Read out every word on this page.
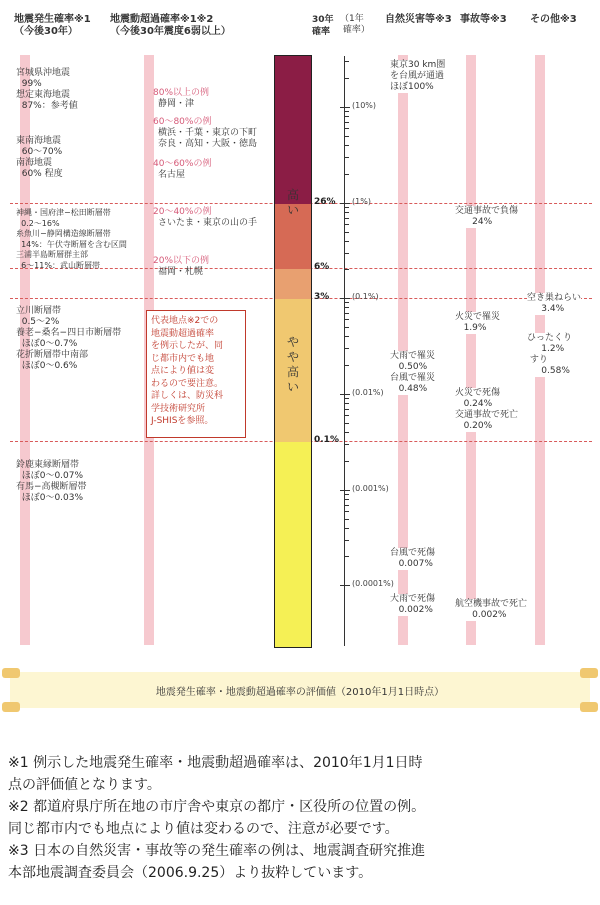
地震発生確率※1
（今後30年）
地震動超過確率※1※2
（今後30年震度6弱以上）
30年
確率
（1年
確率）
自然災害等※3 事故等※3 その他※3
宮城県沖地震
99%
想定東海地震
87%：参考値
東南海地震
60〜70%
南海地震
60% 程度
神縄・国府津−松田断層帯
0.2〜16%
糸魚川−静岡構造線断層帯
14%：午伏寺断層を含む区間
三浦半島断層群主部
6〜11%：武山断層帯
立川断層帯
0.5〜2%
養老−桑名−四日市断層帯
ほぼ0〜0.7%
花折断層帯中南部
ほぼ0〜0.6%
鈴鹿東縁断層帯
ほぼ0〜0.07%
有馬−高槻断層帯
ほぼ0〜0.03%
80%以上の例
静岡・津
60〜80%の例
横浜・千葉・東京の下町
奈良・高知・大阪・徳島
40〜60%の例
名古屋
20〜40%の例
さいたま・東京の山の手
20%以下の例
福岡・札幌
代表地点※2での
地震動超過確率
を例示したが、同
じ都市内でも地
点により値は変
わるので要注意。
詳しくは、防災科
学技術研究所
J-SHISを参照。
高い
やや高い
26%
6%
3%
0.1%
(10%)
(1%)
(0.1%)
(0.01%)
(0.001%)
(0.0001%)
東京30 km圏
を台風が通過
ほぼ100%
大雨で罹災
0.50%
台風で罹災
0.48%
台風で死傷
0.007%
大雨で死傷
0.002%
交通事故で負傷
24%
火災で罹災
1.9%
火災で死傷
0.24%
交通事故で死亡
0.20%
航空機事故で死亡
0.002%
空き巣ねらい
3.4%
ひったくり
1.2%
すり
0.58%
地震発生確率・地震動超過確率の評価値（2010年1月1日時点）
※1 例示した地震発生確率・地震動超過確率は、2010年1月1日時
点の評価値となります。
※2 都道府県庁所在地の市庁舎や東京の都庁・区役所の位置の例。
同じ都市内でも地点により値は変わるので、注意が必要です。
※3 日本の自然災害・事故等の発生確率の例は、地震調査研究推進
本部地震調査委員会（2006.9.25）より抜粋しています。
